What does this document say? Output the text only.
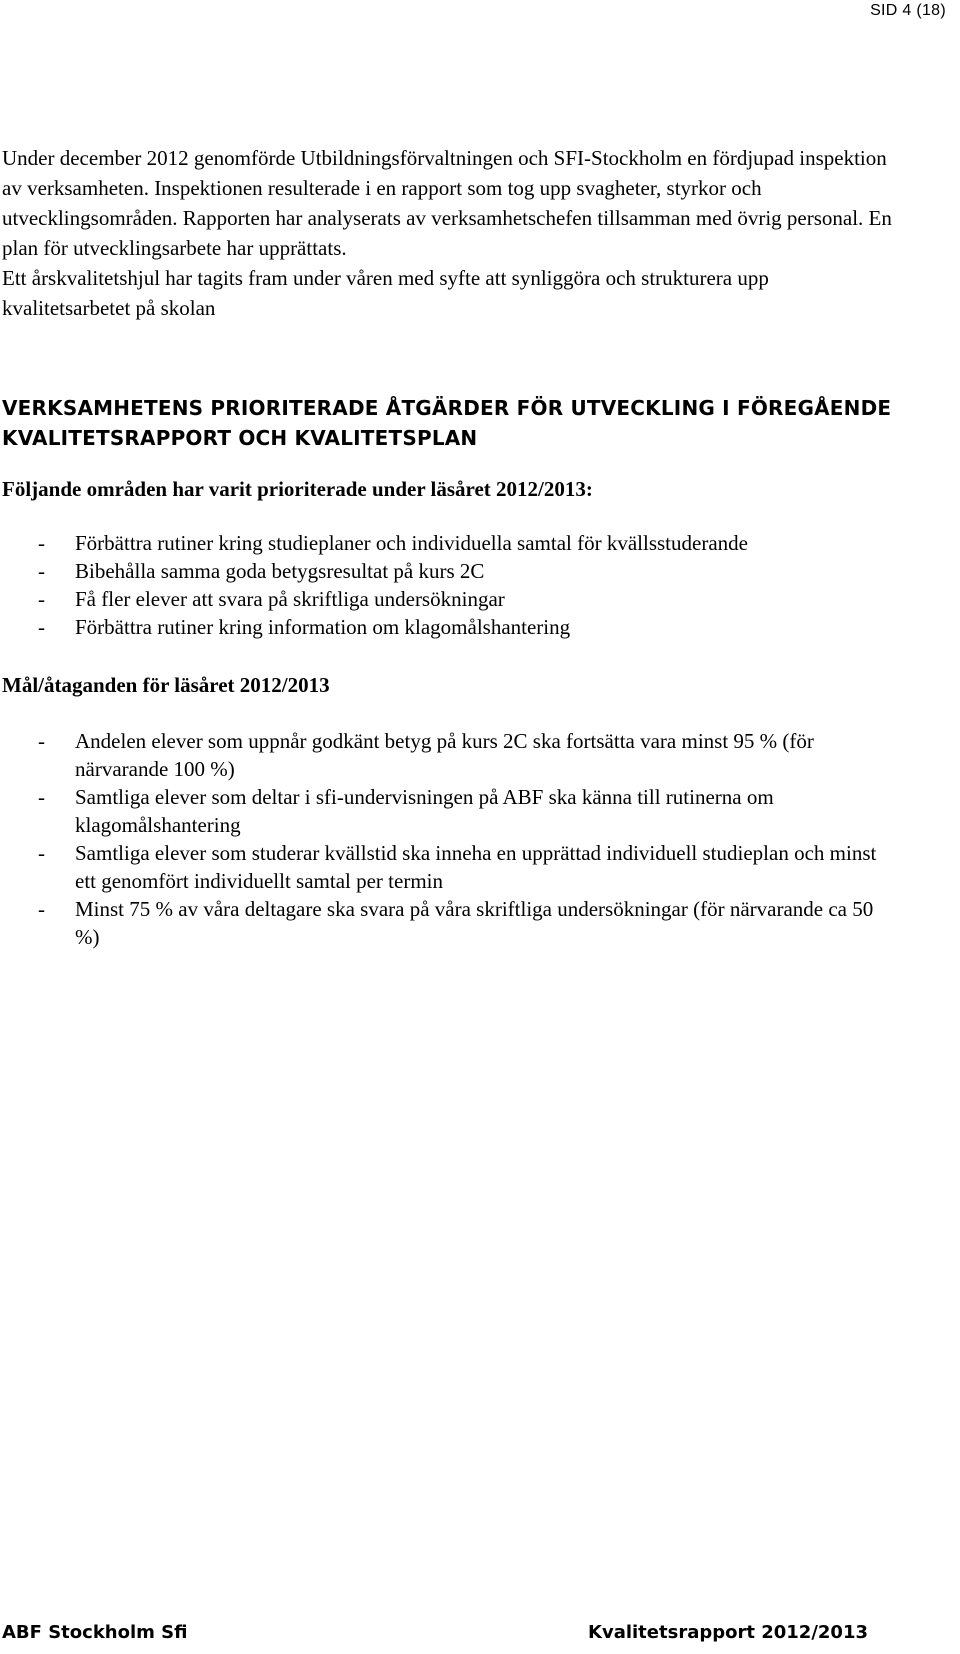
SID 4 (18)

Under december 2012 genomförde Utbildningsförvaltningen och SFI-Stockholm en fördjupad inspektion av verksamheten. Inspektionen resulterade i en rapport som tog upp svagheter, styrkor och utvecklingsområden. Rapporten har analyserats av verksamhetschefen tillsamman med övrig personal. En plan för utvecklingsarbete har upprättats.
Ett årskvalitetshjul har tagits fram under våren med syfte att synliggöra och strukturera upp kvalitetsarbetet på skolan

VERKSAMHETENS PRIORITERADE ÅTGÄRDER FÖR UTVECKLING I FÖREGÅENDE KVALITETSRAPPORT OCH KVALITETSPLAN
Följande områden har varit prioriterade under läsåret 2012/2013:
- Förbättra rutiner kring studieplaner och individuella samtal för kvällsstuderande
- Bibehålla samma goda betygsresultat på kurs 2C
- Få fler elever att svara på skriftliga undersökningar
- Förbättra rutiner kring information om klagomålshantering
Mål/åtaganden för läsåret 2012/2013
- Andelen elever som uppnår godkänt betyg på kurs 2C ska fortsätta vara minst 95 % (för närvarande 100 %)
- Samtliga elever som deltar i sfi-undervisningen på ABF ska känna till rutinerna om klagomålshantering
- Samtliga elever som studerar kvällstid ska inneha en upprättad individuell studieplan och minst ett genomfört individuellt samtal per termin
- Minst 75 % av våra deltagare ska svara på våra skriftliga undersökningar (för närvarande ca 50 %)
ABF Stockholm Sfi	Kvalitetsrapport 2012/2013
